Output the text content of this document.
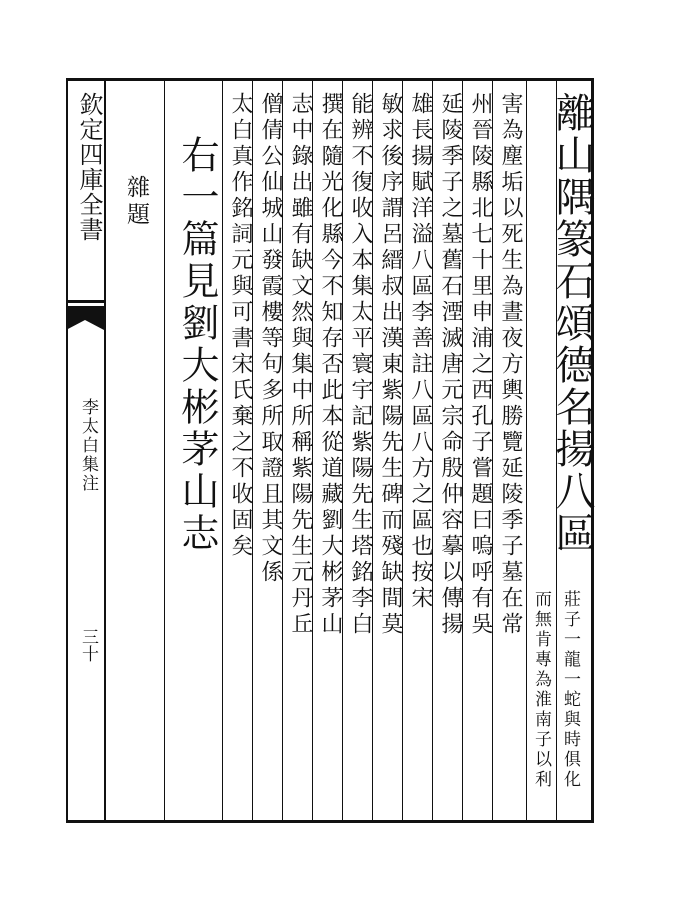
欽定四庫全書
李太白集注
三十
離山隅篆石頌德名揚八區
莊子一龍一蛇與時俱化
而無肯專為淮南子以利
害為塵垢以死生為晝夜方輿勝覽延陵季子墓在常
州晉陵縣北七十里申浦之西孔子嘗題曰嗚呼有吳
延陵季子之墓舊石湮滅唐元宗命殷仲容摹以傳揚
雄長揚賦洋溢八區李善註八區八方之區也按宋
敏求後序謂呂縉叔出漢東紫陽先生碑而殘缺間莫
能辨不復收入本集太平寰宇記紫陽先生塔銘李白
撰在隨光化縣今不知存否此本從道藏劉大彬茅山
志中錄出雖有缺文然與集中所稱紫陽先生元丹丘
僧倩公仙城山發霞樓等句多所取證且其文係
太白真作銘詞元與可書宋氏棄之不收固矣
右一篇見劉大彬茅山志
雜題
